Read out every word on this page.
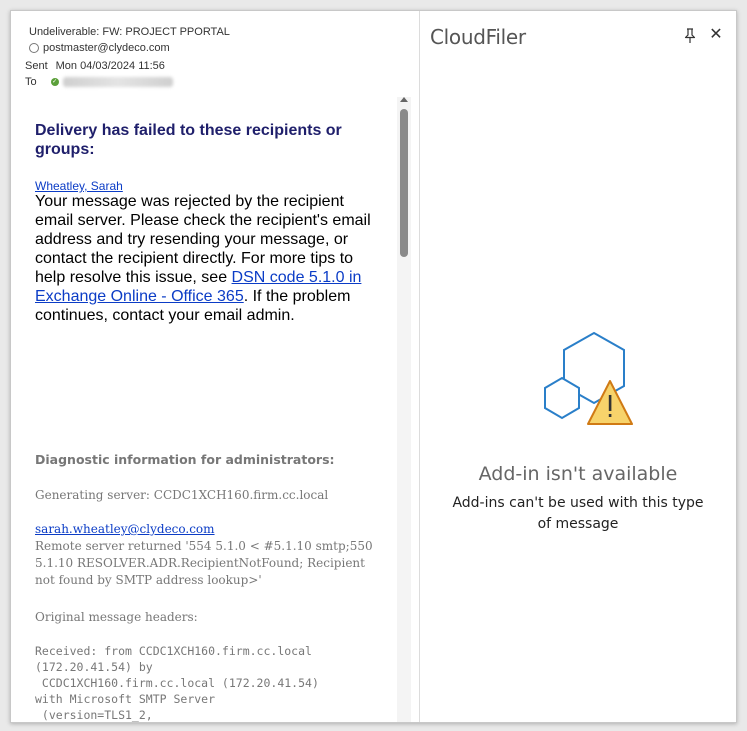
Undeliverable: FW: PROJECT PPORTAL
postmaster@clydeco.com
Sent Mon 04/03/2024 11:56
To	✓
Delivery has failed to these recipients or groups:
Wheatley, Sarah
Your message was rejected by the recipient email server. Please check the recipient's email address and try resending your message, or contact the recipient directly. For more tips to help resolve this issue, see DSN code 5.1.0 in Exchange Online - Office 365. If the problem continues, contact your email admin.
Diagnostic information for administrators:
Generating server: CCDC1XCH160.firm.cc.local
sarah.wheatley@clydeco.com
Remote server returned '554 5.1.0 < #5.1.10 smtp;550 5.1.10 RESOLVER.ADR.RecipientNotFound; Recipient not found by SMTP address lookup>'
Original message headers:
Received: from CCDC1XCH160.firm.cc.local
(172.20.41.54) by
CCDC1XCH160.firm.cc.local (172.20.41.54)
with Microsoft SMTP Server
(version=TLS1_2,
CloudFiler	✕
Add-in isn't available
Add-ins can't be used with this type of message
